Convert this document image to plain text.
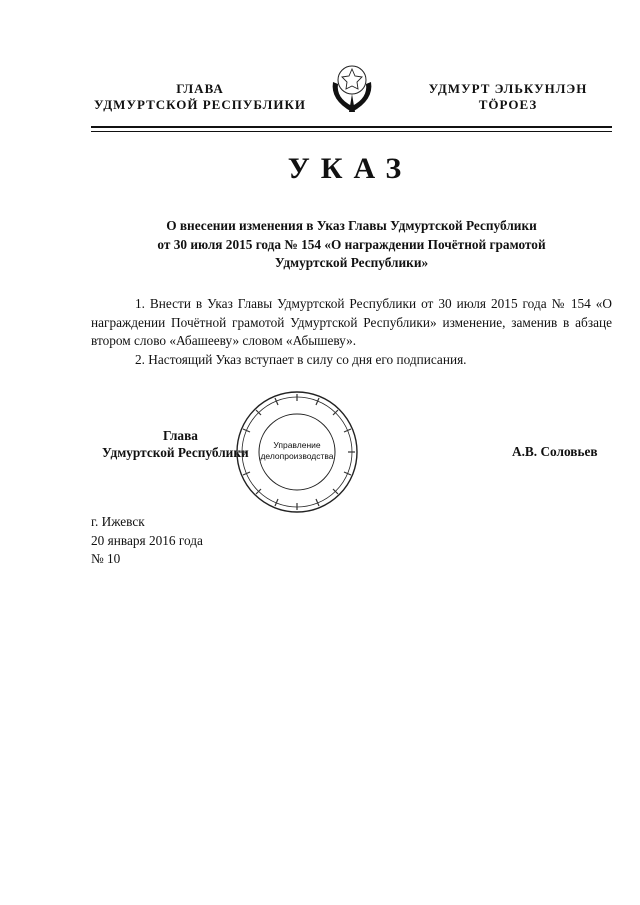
ГЛАВА
УДМУРТСКОЙ РЕСПУБЛИКИ
УДМУРТ ЭЛЬКУНЛЭН
ТӦРОЕЗ
УКАЗ
О внесении изменения в Указ Главы Удмуртской Республики
от 30 июля 2015 года № 154 «О награждении Почётной грамотой
Удмуртской Республики»

1. Внести в Указ Главы Удмуртской Республики от 30 июля 2015 года № 154 «О награждении Почётной грамотой Удмуртской Республики» изменение, заменив в абзаце втором слово «Абашееву» словом «Абышеву».

2. Настоящий Указ вступает в силу со дня его подписания.

Глава
Удмуртской Республики	Управление
делопроизводства	А.В. Соловьев
г. Ижевск
20 января 2016 года
№ 10
